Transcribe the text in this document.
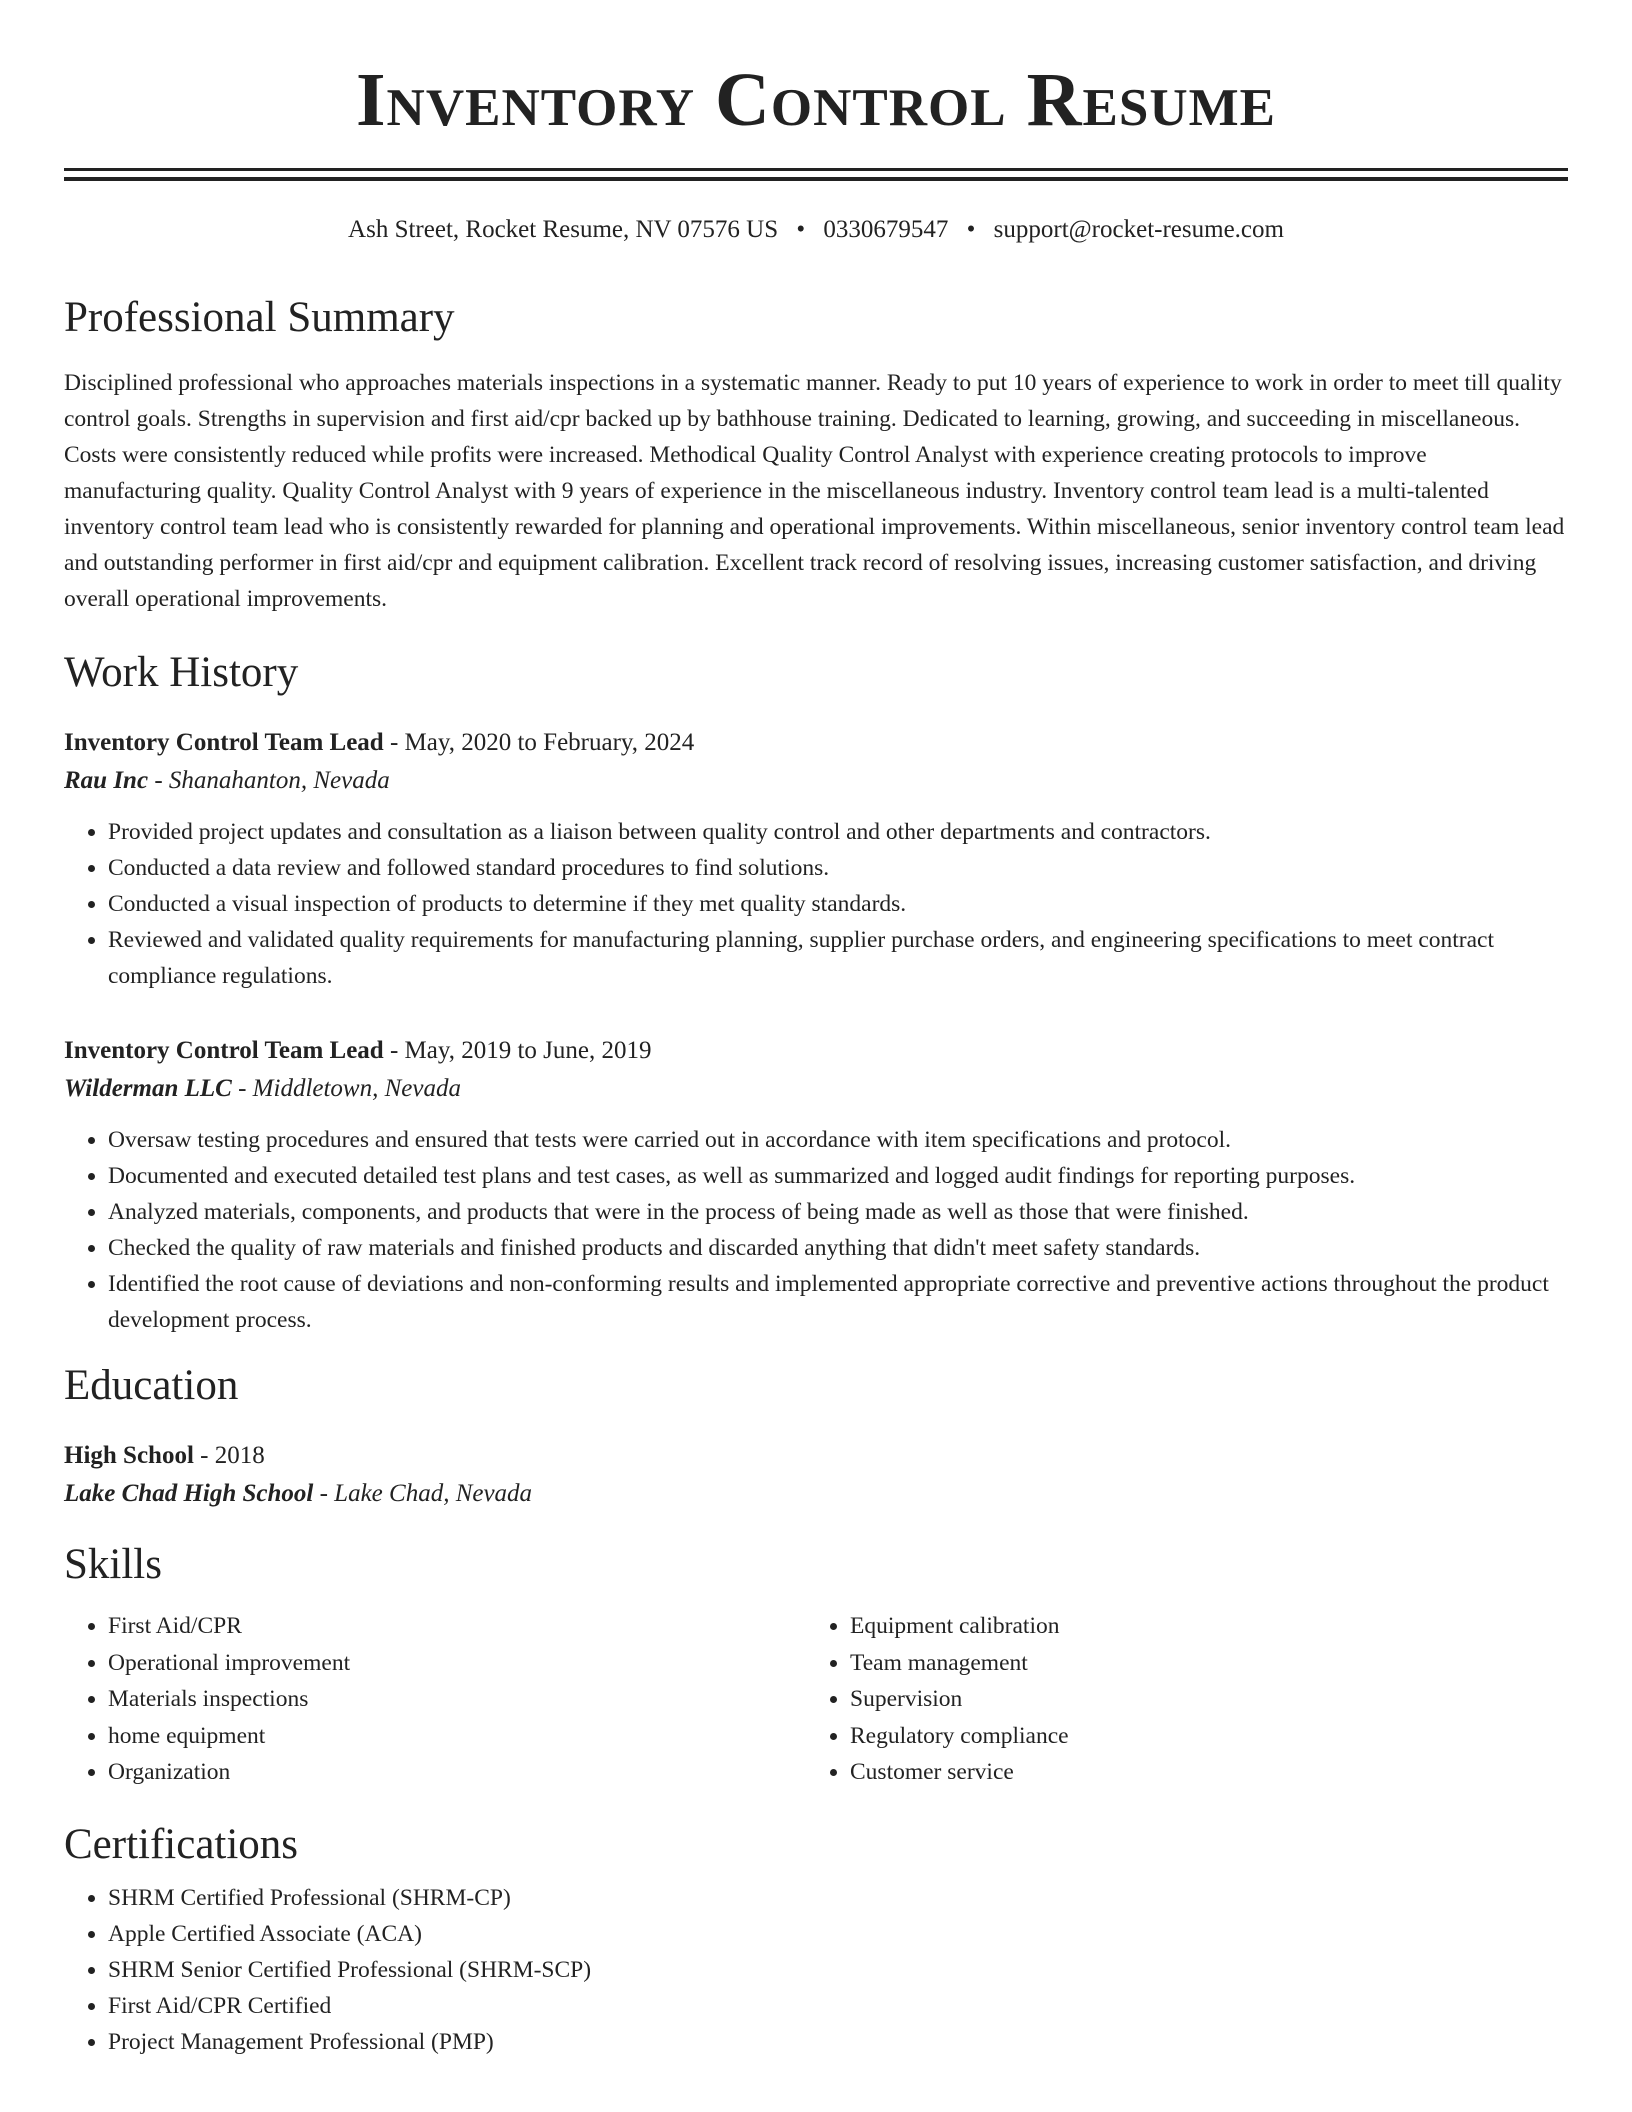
Inventory Control Resume
Ash Street, Rocket Resume, NV 07576 US • 0330679547 • support@rocket-resume.com
Professional Summary

Disciplined professional who approaches materials inspections in a systematic manner. Ready to put 10 years of experience to work in order to meet till quality control goals. Strengths in supervision and first aid/cpr backed up by bathhouse training. Dedicated to learning, growing, and succeeding in miscellaneous. Costs were consistently reduced while profits were increased. Methodical Quality Control Analyst with experience creating protocols to improve manufacturing quality. Quality Control Analyst with 9 years of experience in the miscellaneous industry. Inventory control team lead is a multi-talented inventory control team lead who is consistently rewarded for planning and operational improvements. Within miscellaneous, senior inventory control team lead and outstanding performer in first aid/cpr and equipment calibration. Excellent track record of resolving issues, increasing customer satisfaction, and driving overall operational improvements.

Work History
Inventory Control Team Lead - May, 2020 to February, 2024
Rau Inc - Shanahanton, Nevada
• Provided project updates and consultation as a liaison between quality control and other departments and contractors.
• Conducted a data review and followed standard procedures to find solutions.
• Conducted a visual inspection of products to determine if they met quality standards.
• Reviewed and validated quality requirements for manufacturing planning, supplier purchase orders, and engineering specifications to meet contract compliance regulations.
Inventory Control Team Lead - May, 2019 to June, 2019
Wilderman LLC - Middletown, Nevada
• Oversaw testing procedures and ensured that tests were carried out in accordance with item specifications and protocol.
• Documented and executed detailed test plans and test cases, as well as summarized and logged audit findings for reporting purposes.
• Analyzed materials, components, and products that were in the process of being made as well as those that were finished.
• Checked the quality of raw materials and finished products and discarded anything that didn't meet safety standards.
• Identified the root cause of deviations and non-conforming results and implemented appropriate corrective and preventive actions throughout the product development process.
Education
High School - 2018
Lake Chad High School - Lake Chad, Nevada
Skills
• First Aid/CPR
• Operational improvement
• Materials inspections
• home equipment
• Organization
• Equipment calibration
• Team management
• Supervision
• Regulatory compliance
• Customer service
Certifications
• SHRM Certified Professional (SHRM-CP)
• Apple Certified Associate (ACA)
• SHRM Senior Certified Professional (SHRM-SCP)
• First Aid/CPR Certified
• Project Management Professional (PMP)
